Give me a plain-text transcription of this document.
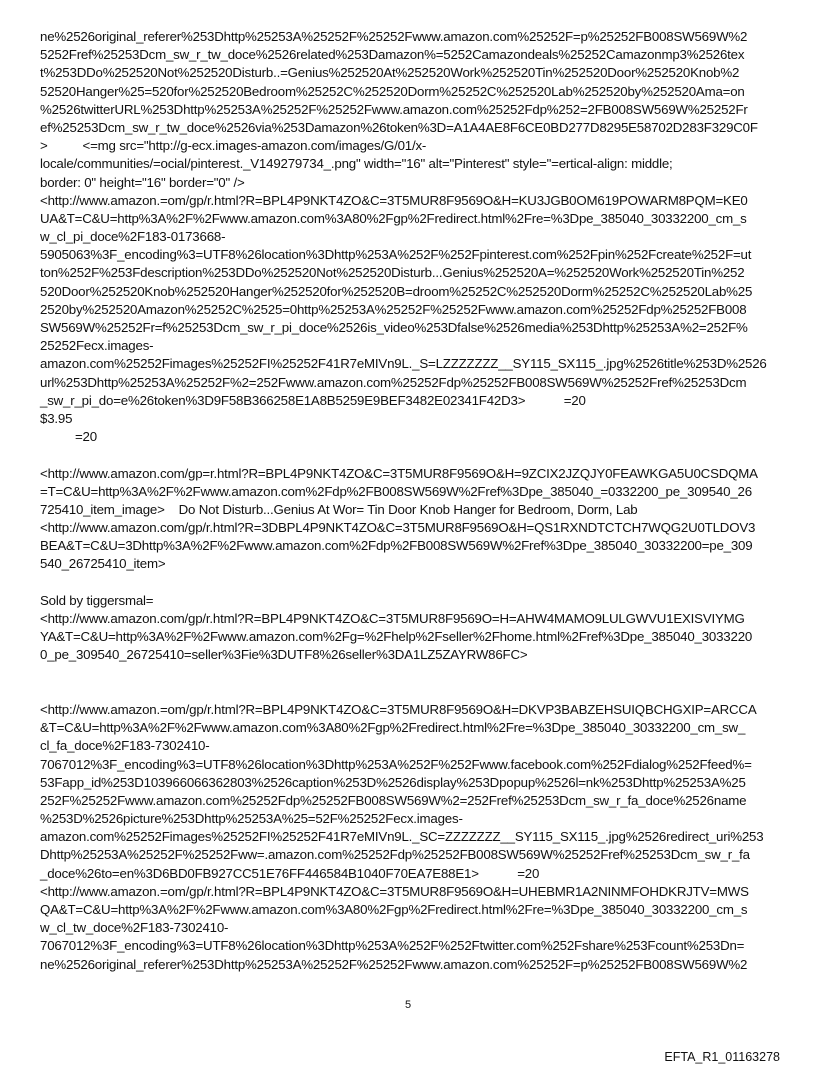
ne%2526original_referer%253Dhttp%25253A%25252F%25252Fwww.amazon.com%25252F=p%25252FB008SW569W%2
5252Fref%25253Dcm_sw_r_tw_doce%2526related%253Damazon%=5252Camazondeals%25252Camazonmp3%2526tex
t%253DDo%252520Not%252520Disturb..=Genius%252520At%252520Work%252520Tin%252520Door%252520Knob%2
52520Hanger%25=520for%252520Bedroom%25252C%252520Dorm%25252C%252520Lab%252520by%252520Ama=on
%2526twitterURL%253Dhttp%25253A%25252F%25252Fwww.amazon.com%25252Fdp%252=2FB008SW569W%25252Fr
ef%25253Dcm_sw_r_tw_doce%2526via%253Damazon%26token%3D=A1A4AE8F6CE0BD277D8295E58702D283F329C0F
>          <=mg src="http://g-ecx.images-amazon.com/images/G/01/x-
locale/communities/=ocial/pinterest._V149279734_.png" width="16" alt="Pinterest" style="=ertical-align: middle;
border: 0" height="16" border="0" />
<http://www.amazon.=om/gp/r.html?R=BPL4P9NKT4ZO&C=3T5MUR8F9569O&H=KU3JGB0OM619POWARM8PQM=KE0
UA&T=C&U=http%3A%2F%2Fwww.amazon.com%3A80%2Fgp%2Fredirect.html%2Fre=%3Dpe_385040_30332200_cm_s
w_cl_pi_doce%2F183-0173668-
5905063%3F_encoding%3=UTF8%26location%3Dhttp%253A%252F%252Fpinterest.com%252Fpin%252Fcreate%252F=ut
ton%252F%253Fdescription%253DDo%252520Not%252520Disturb...Genius%252520A=%252520Work%252520Tin%252
520Door%252520Knob%252520Hanger%252520for%252520B=droom%25252C%252520Dorm%25252C%252520Lab%25
2520by%252520Amazon%25252C%2525=0http%25253A%25252F%25252Fwww.amazon.com%25252Fdp%25252FB008
SW569W%25252Fr=f%25253Dcm_sw_r_pi_doce%2526is_video%253Dfalse%2526media%253Dhttp%25253A%2=252F%
25252Fecx.images-
amazon.com%25252Fimages%25252FI%25252F41R7eMIVn9L._S=LZZZZZZZ__SY115_SX115_.jpg%2526title%253D%2526
url%253Dhttp%25253A%25252F%2=252Fwww.amazon.com%25252Fdp%25252FB008SW569W%25252Fref%25253Dcm
_sw_r_pi_do=e%26token%3D9F58B366258E1A8B5259E9BEF3482E02341F42D3>           =20
$3.95
=20
<http://www.amazon.com/gp=r.html?R=BPL4P9NKT4ZO&C=3T5MUR8F9569O&H=9ZCIX2JZQJY0FEAWKGA5U0CSDQMA
=T=C&U=http%3A%2F%2Fwww.amazon.com%2Fdp%2FB008SW569W%2Fref%3Dpe_385040_=0332200_pe_309540_26
725410_item_image>    Do Not Disturb...Genius At Wor= Tin Door Knob Hanger for Bedroom, Dorm, Lab
<http://www.amazon.com/gp/r.html?R=3DBPL4P9NKT4ZO&C=3T5MUR8F9569O&H=QS1RXNDTCTCH7WQG2U0TLDOV3
BEA&T=C&U=3Dhttp%3A%2F%2Fwww.amazon.com%2Fdp%2FB008SW569W%2Fref%3Dpe_385040_30332200=pe_309
540_26725410_item>
Sold by tiggersmal=
<http://www.amazon.com/gp/r.html?R=BPL4P9NKT4ZO&C=3T5MUR8F9569O=H=AHW4MAMO9LULGWVU1EXISVIYMG
YA&T=C&U=http%3A%2F%2Fwww.amazon.com%2Fg=%2Fhelp%2Fseller%2Fhome.html%2Fref%3Dpe_385040_3033220
0_pe_309540_26725410=seller%3Fie%3DUTF8%26seller%3DA1LZ5ZAYRW86FC>
<http://www.amazon.=om/gp/r.html?R=BPL4P9NKT4ZO&C=3T5MUR8F9569O&H=DKVP3BABZEHSUIQBCHGXIP=ARCCA
&T=C&U=http%3A%2F%2Fwww.amazon.com%3A80%2Fgp%2Fredirect.html%2Fre=%3Dpe_385040_30332200_cm_sw_
cl_fa_doce%2F183-7302410-
7067012%3F_encoding%3=UTF8%26location%3Dhttp%253A%252F%252Fwww.facebook.com%252Fdialog%252Ffeed%=
53Fapp_id%253D103966066362803%2526caption%253D%2526display%253Dpopup%2526l=nk%253Dhttp%25253A%25
252F%25252Fwww.amazon.com%25252Fdp%25252FB008SW569W%2=252Fref%25253Dcm_sw_r_fa_doce%2526name
%253D%2526picture%253Dhttp%25253A%25=52F%25252Fecx.images-
amazon.com%25252Fimages%25252FI%25252F41R7eMIVn9L._SC=ZZZZZZZ__SY115_SX115_.jpg%2526redirect_uri%253
Dhttp%25253A%25252F%25252Fww=.amazon.com%25252Fdp%25252FB008SW569W%25252Fref%25253Dcm_sw_r_fa
_doce%26to=en%3D6BD0FB927CC51E76FF446584B1040F70EA7E88E1>           =20
<http://www.amazon.=om/gp/r.html?R=BPL4P9NKT4ZO&C=3T5MUR8F9569O&H=UHEBMR1A2NINMFOHDKRJTV=MWS
QA&T=C&U=http%3A%2F%2Fwww.amazon.com%3A80%2Fgp%2Fredirect.html%2Fre=%3Dpe_385040_30332200_cm_s
w_cl_tw_doce%2F183-7302410-
7067012%3F_encoding%3=UTF8%26location%3Dhttp%253A%252F%252Ftwitter.com%252Fshare%253Fcount%253Dn=
ne%2526original_referer%253Dhttp%25253A%25252F%25252Fwww.amazon.com%25252F=p%25252FB008SW569W%2
5
EFTA_R1_01163278
